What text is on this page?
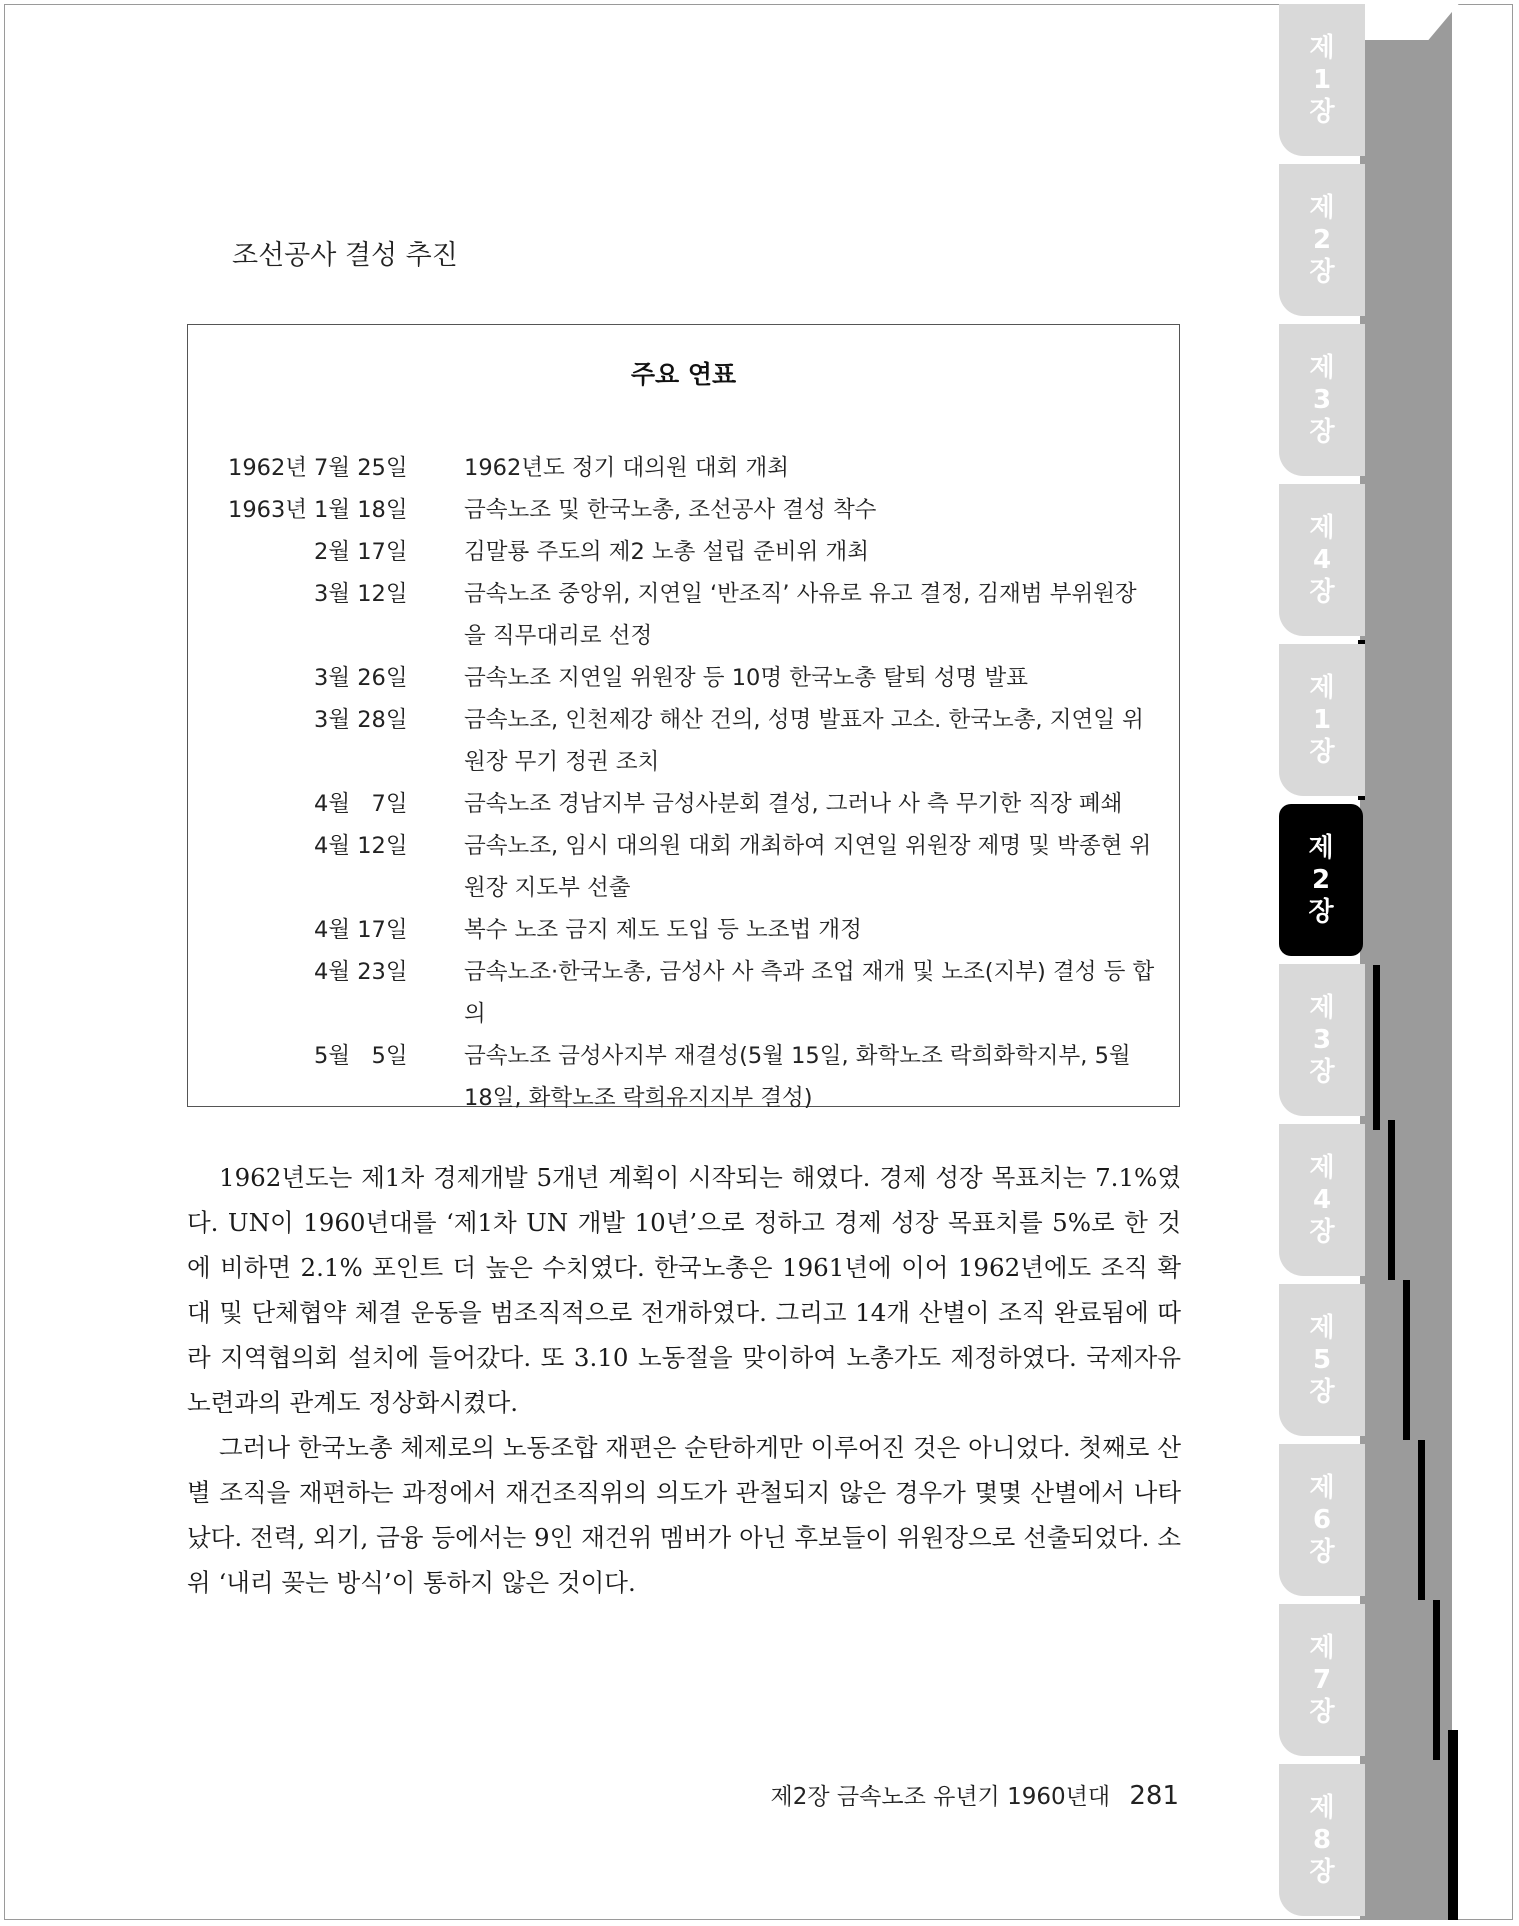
조선공사 결성 추진
주요 연표
1962년 7월 25일	1962년도 정기 대의원 대회 개최
1963년 1월 18일	금속노조 및 한국노총, 조선공사 결성 착수
2월 17일	김말룡 주도의 제2 노총 설립 준비위 개최
3월 12일	금속노조 중앙위, 지연일 ‘반조직’ 사유로 유고 결정, 김재범 부위원장을 직무대리로 선정
3월 26일	금속노조 지연일 위원장 등 10명 한국노총 탈퇴 성명 발표
3월 28일	금속노조, 인천제강 해산 건의, 성명 발표자 고소. 한국노총, 지연일 위원장 무기 정권 조치
4월   7일	금속노조 경남지부 금성사분회 결성, 그러나 사 측 무기한 직장 폐쇄
4월 12일	금속노조, 임시 대의원 대회 개최하여 지연일 위원장 제명 및 박종현 위원장 지도부 선출
4월 17일	복수 노조 금지 제도 도입 등 노조법 개정
4월 23일	금속노조·한국노총, 금성사 사 측과 조업 재개 및 노조(지부) 결성 등 합의
5월   5일	금속노조 금성사지부 재결성(5월 15일, 화학노조 락희화학지부, 5월 18일, 화학노조 락희유지지부 결성)

1962년도는 제1차 경제개발 5개년 계획이 시작되는 해였다. 경제 성장 목표치는 7.1%였다. UN이 1960년대를 ‘제1차 UN 개발 10년’으로 정하고 경제 성장 목표치를 5%로 한 것에 비하면 2.1% 포인트 더 높은 수치였다. 한국노총은 1961년에 이어 1962년에도 조직 확대 및 단체협약 체결 운동을 범조직적으로 전개하였다. 그리고 14개 산별이 조직 완료됨에 따라 지역협의회 설치에 들어갔다. 또 3.10 노동절을 맞이하여 노총가도 제정하였다. 국제자유노련과의 관계도 정상화시켰다.

그러나 한국노총 체제로의 노동조합 재편은 순탄하게만 이루어진 것은 아니었다. 첫째로 산별 조직을 재편하는 과정에서 재건조직위의 의도가 관철되지 않은 경우가 몇몇 산별에서 나타났다. 전력, 외기, 금융 등에서는 9인 재건위 멤버가 아닌 후보들이 위원장으로 선출되었다. 소위 ‘내리 꽂는 방식’이 통하지 않은 것이다.

제2장 금속노조 유년기 1960년대 281
제
1
장
제
2
장
제
3
장
제
4
장
제
1
장
제
2
장
제
3
장
제
4
장
제
5
장
제
6
장
제
7
장
제
8
장
